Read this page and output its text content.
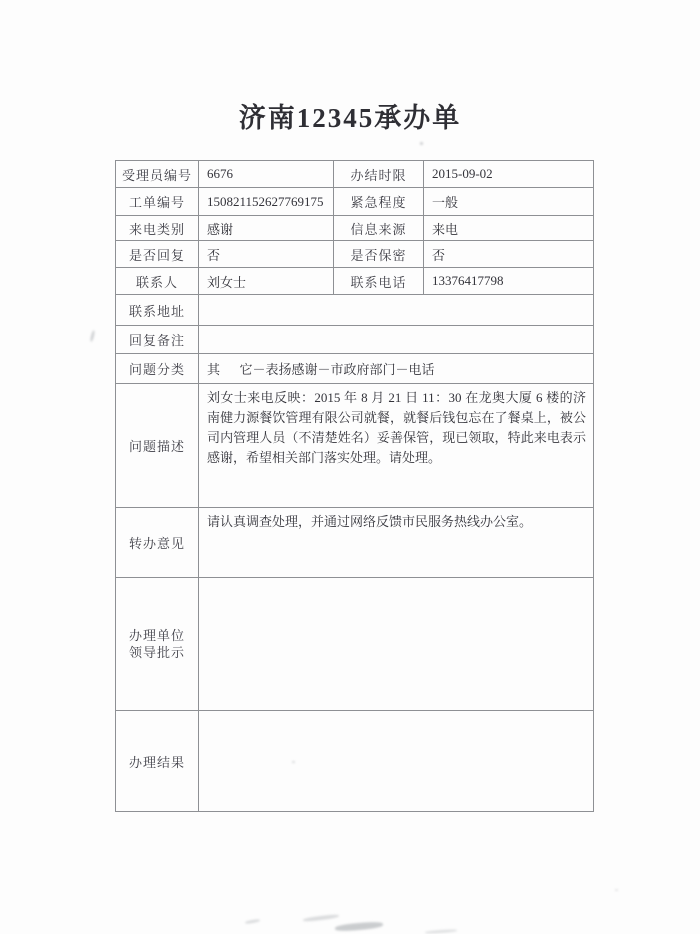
济南12345承办单
受理员编号	6676	办结时限	2015-09-02
工单编号	150821152627769175	紧急程度	一般
来电类别	感谢	信息来源	来电
是否回复	否	是否保密	否
联系人	刘女士	联系电话	13376417798
联系地址			
回复备注			
问题分类	其      它－表扬感谢－市政府部门－电话		
问题描述	刘女士来电反映：2015 年 8 月 21 日 11：30 在龙奥大厦 6 楼的济南健力源餐饮管理有限公司就餐，就餐后钱包忘在了餐桌上，被公司内管理人员（不清楚姓名）妥善保管，现已领取，特此来电表示感谢，希望相关部门落实处理。请处理。		
转办意见	请认真调查处理，并通过网络反馈市民服务热线办公室。		

办理单位
领导批示			

办理结果			
